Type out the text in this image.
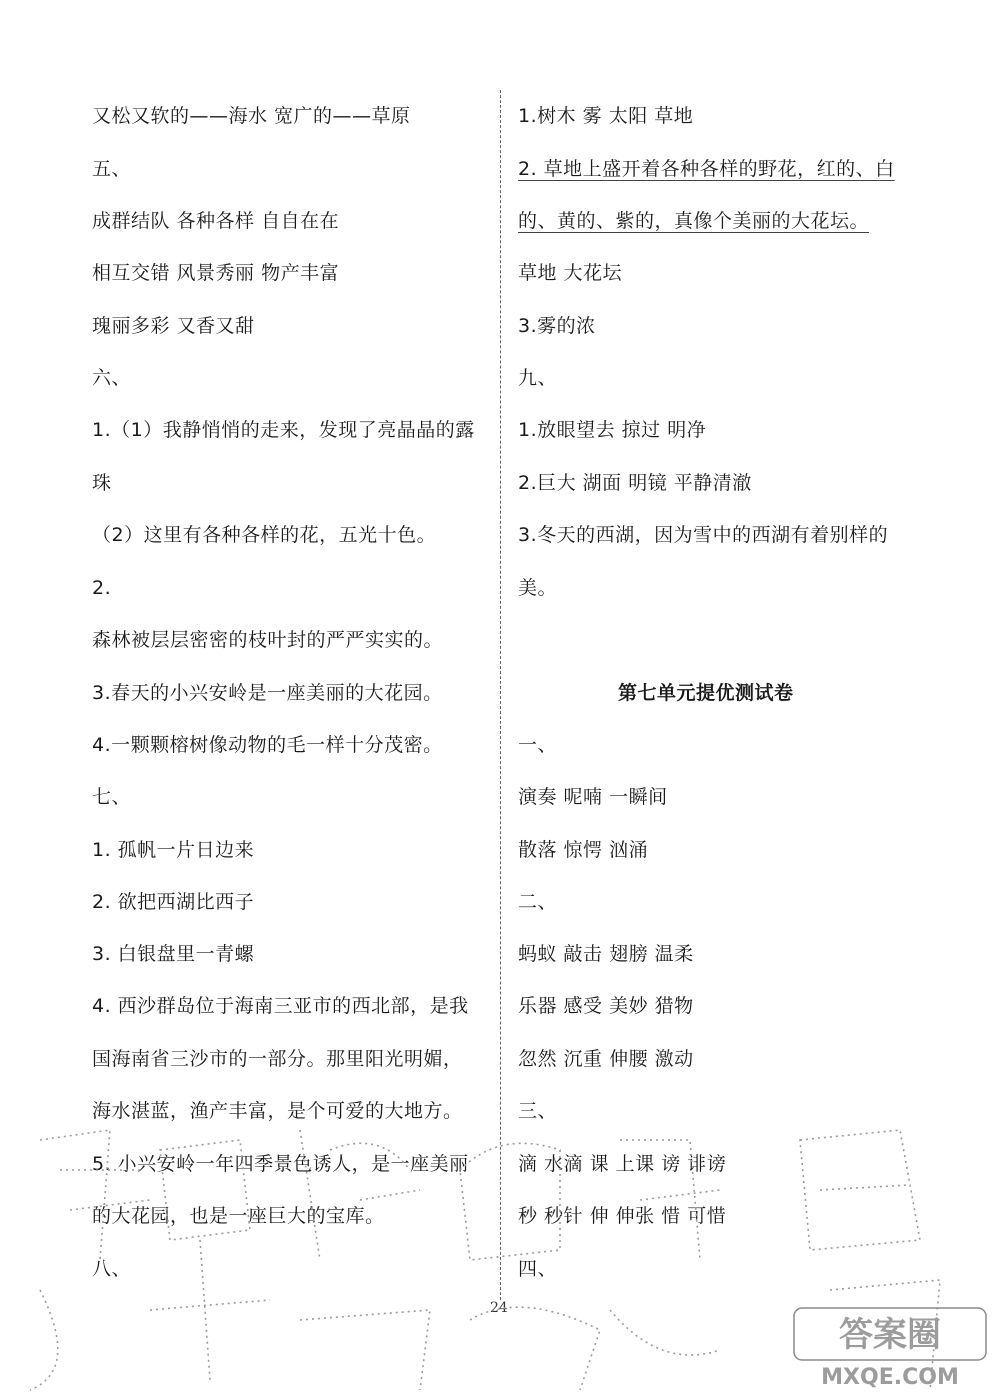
又松又软的——海水 宽广的——草原
五、
成群结队 各种各样 自自在在
相互交错 风景秀丽 物产丰富
瑰丽多彩 又香又甜
六、
1.（1）我静悄悄的走来，发现了亮晶晶的露
珠
（2）这里有各种各样的花，五光十色。
2.
森林被层层密密的枝叶封的严严实实的。
3.春天的小兴安岭是一座美丽的大花园。
4.一颗颗榕树像动物的毛一样十分茂密。
七、
1. 孤帆一片日边来
2. 欲把西湖比西子
3. 白银盘里一青螺
4. 西沙群岛位于海南三亚市的西北部，是我
国海南省三沙市的一部分。那里阳光明媚，
海水湛蓝，渔产丰富，是个可爱的大地方。
5. 小兴安岭一年四季景色诱人，是一座美丽
的大花园，也是一座巨大的宝库。
八、
1.树木 雾 太阳 草地
2. 草地上盛开着各种各样的野花，红的、白
的、黄的、紫的，真像个美丽的大花坛。
草地 大花坛
3.雾的浓
九、
1.放眼望去 掠过 明净
2.巨大 湖面 明镜 平静清澈
3.冬天的西湖，因为雪中的西湖有着别样的
美。
第七单元提优测试卷
一、
演奏 呢喃 一瞬间
散落 惊愕 汹涌
二、
蚂蚁 敲击 翅膀 温柔
乐器 感受 美妙 猎物
忽然 沉重 伸腰 激动
三、
滴 水滴 课 上课 谤 诽谤
秒 秒针 伸 伸张 惜 可惜
四、
24
答案圈
MXQE.COM
